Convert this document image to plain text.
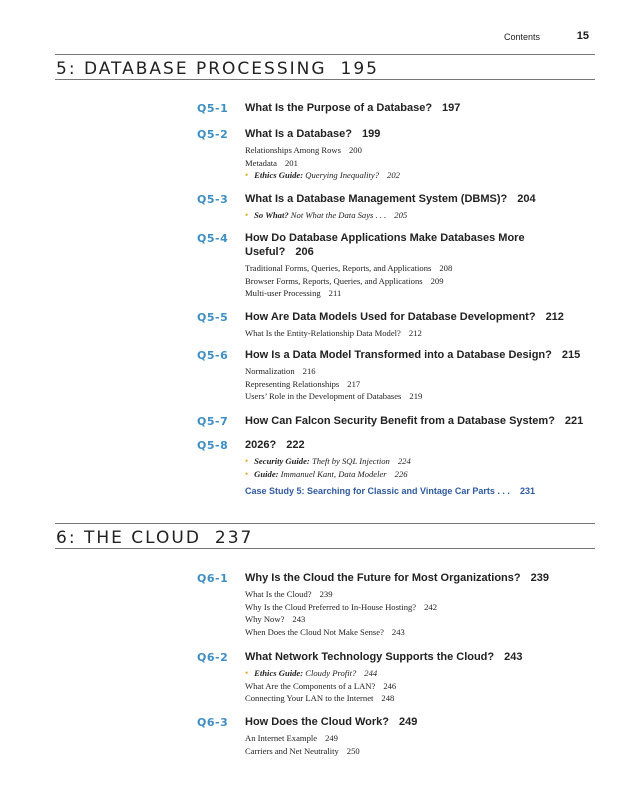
Contents	15
5: DATABASE PROCESSING 195
Q5-1 What Is the Purpose of a Database? 197
Q5-2 What Is a Database? 199
Relationships Among Rows 200
Metadata 201
• Ethics Guide: Querying Inequality? 202
Q5-3 What Is a Database Management System (DBMS)? 204
• So What? Not What the Data Says . . . 205
Q5-4 How Do Database Applications Make Databases More
Useful? 206
Traditional Forms, Queries, Reports, and Applications 208
Browser Forms, Reports, Queries, and Applications 209
Multi-user Processing 211
Q5-5 How Are Data Models Used for Database Development? 212
What Is the Entity-Relationship Data Model? 212
Q5-6 How Is a Data Model Transformed into a Database Design? 215
Normalization 216
Representing Relationships 217
Users’ Role in the Development of Databases 219
Q5-7 How Can Falcon Security Benefit from a Database System? 221
Q5-8 2026? 222
• Security Guide: Theft by SQL Injection 224
• Guide: Immanuel Kant, Data Modeler 226
Case Study 5: Searching for Classic and Vintage Car Parts . . . 231
6: THE CLOUD 237
Q6-1 Why Is the Cloud the Future for Most Organizations? 239
What Is the Cloud? 239
Why Is the Cloud Preferred to In-House Hosting? 242
Why Now? 243
When Does the Cloud Not Make Sense? 243
Q6-2 What Network Technology Supports the Cloud? 243
• Ethics Guide: Cloudy Profit? 244
What Are the Components of a LAN? 246
Connecting Your LAN to the Internet 248
Q6-3 How Does the Cloud Work? 249
An Internet Example 249
Carriers and Net Neutrality 250
